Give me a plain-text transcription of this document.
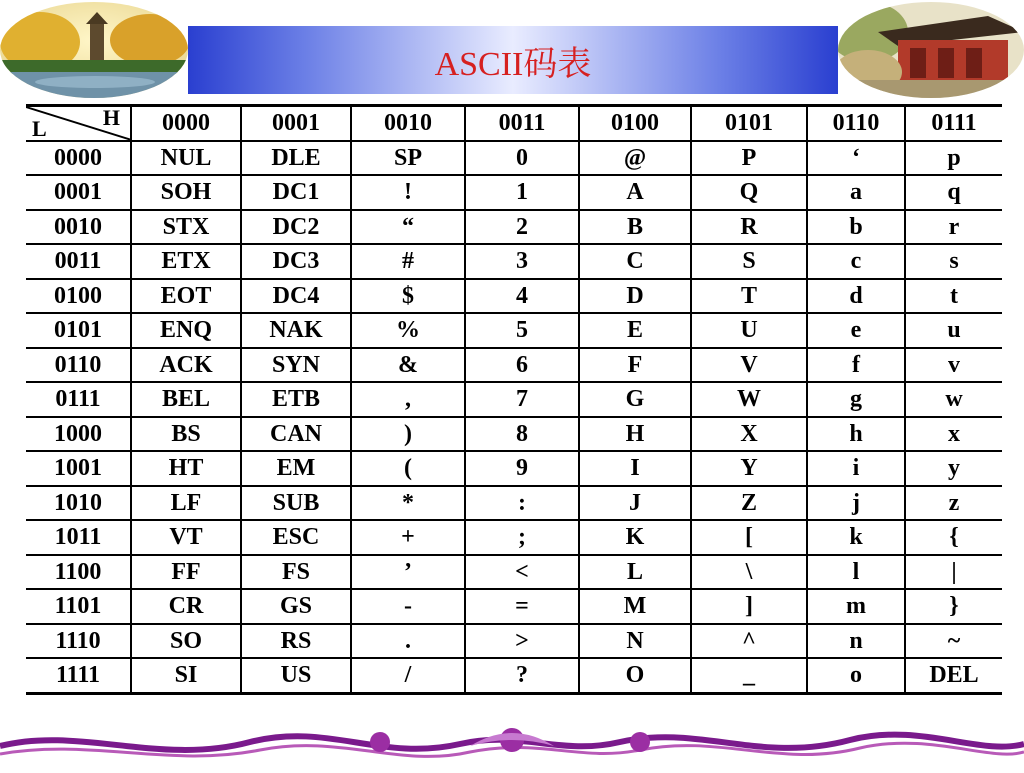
ASCII码表
H
L	0000	0001	0010	0011	0100	0101	0110	0111
0000	NUL	DLE	SP	0	@	P	‘	p
0001	SOH	DC1	!	1	A	Q	a	q
0010	STX	DC2	“	2	B	R	b	r
0011	ETX	DC3	#	3	C	S	c	s
0100	EOT	DC4	$	4	D	T	d	t
0101	ENQ	NAK	%	5	E	U	e	u
0110	ACK	SYN	&	6	F	V	f	v
0111	BEL	ETB	,	7	G	W	g	w
1000	BS	CAN	)	8	H	X	h	x
1001	HT	EM	(	9	I	Y	i	y
1010	LF	SUB	*	:	J	Z	j	z
1011	VT	ESC	+	;	K	[	k	{
1100	FF	FS	’	<	L	\	l	|
1101	CR	GS	-	=	M	]	m	}
1110	SO	RS	.	>	N	^	n	~
1111	SI	US	/	?	O	_	o	DEL
